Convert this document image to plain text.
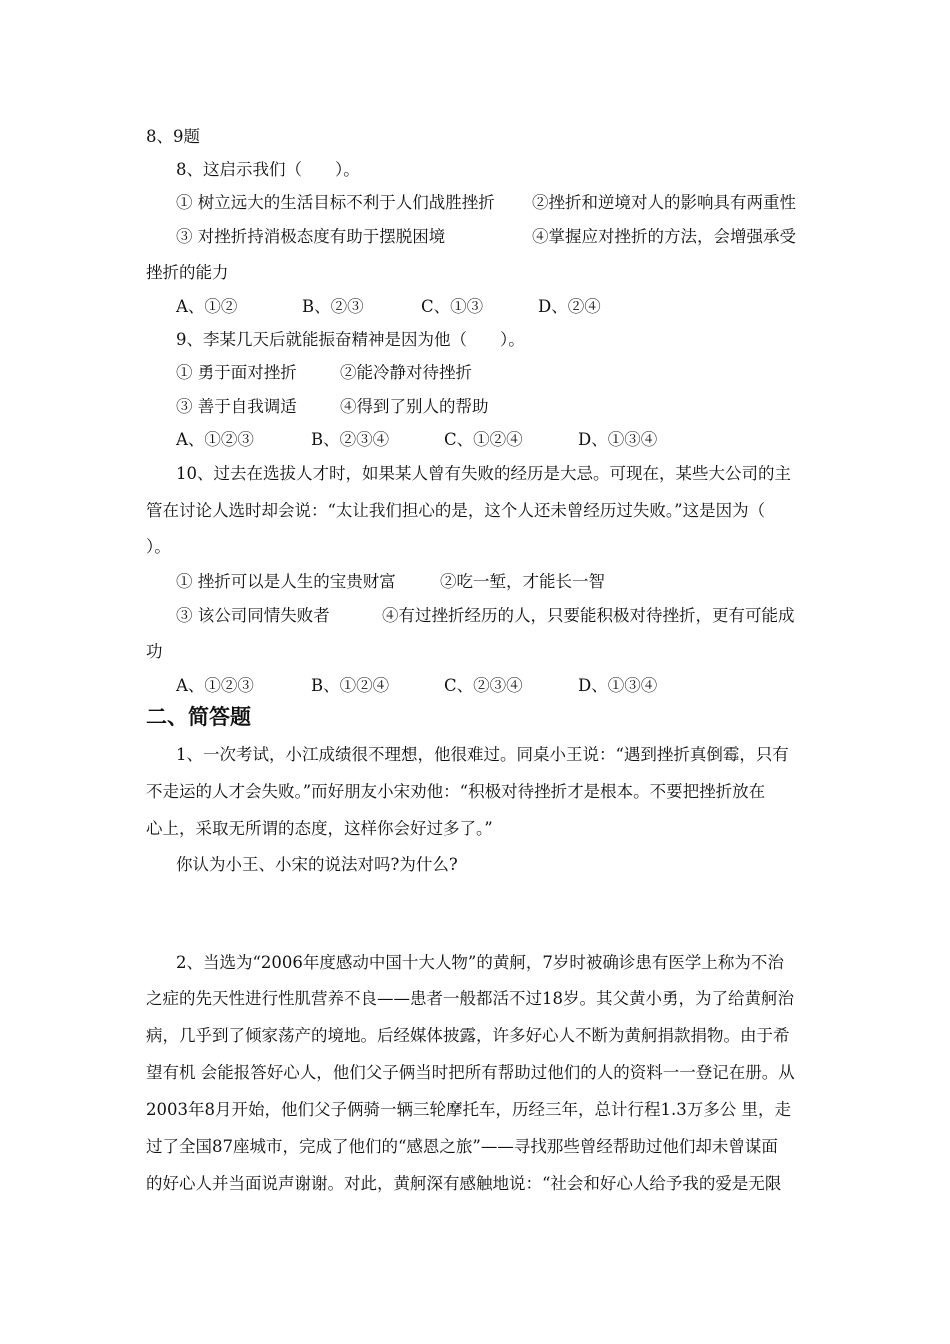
8、9题
8、这启示我们（　　）。
① 树立远大的生活目标不利于人们战胜挫折 ②挫折和逆境对人的影响具有两重性
③ 对挫折持消极态度有助于摆脱困境	④掌握应对挫折的方法，会增强承受
挫折的能力
A、①②	B、②③	C、①③	D、②④
9、李某几天后就能振奋精神是因为他（　　）。
① 勇于面对挫折	②能冷静对待挫折
③ 善于自我调适	④得到了别人的帮助
A、①②③	B、②③④	C、①②④	D、①③④
10、过去在选拔人才时，如果某人曾有失败的经历是大忌。可现在，某些大公司的主
管在讨论人选时却会说：“太让我们担心的是，这个人还未曾经历过失败。”这是因为（
）。
① 挫折可以是人生的宝贵财富	②吃一堑，才能长一智
③ 该公司同情失败者	④有过挫折经历的人，只要能积极对待挫折，更有可能成
功
A、①②③	B、①②④	C、②③④	D、①③④
二、简答题
1、一次考试，小江成绩很不理想，他很难过。同桌小王说：“遇到挫折真倒霉，只有
不走运的人才会失败。”而好朋友小宋劝他：“积极对待挫折才是根本。不要把挫折放在
心上，采取无所谓的态度，这样你会好过多了。”
你认为小王、小宋的说法对吗?为什么?
2、当选为“2006年度感动中国十大人物”的黄舸，7岁时被确诊患有医学上称为不治
之症的先天性进行性肌营养不良——患者一般都活不过18岁。其父黄小勇，为了给黄舸治
病，几乎到了倾家荡产的境地。后经媒体披露，许多好心人不断为黄舸捐款捐物。由于希
望有机 会能报答好心人，他们父子俩当时把所有帮助过他们的人的资料一一登记在册。从
2003年8月开始，他们父子俩骑一辆三轮摩托车，历经三年，总计行程1.3万多公 里，走
过了全国87座城市，完成了他们的“感恩之旅”——寻找那些曾经帮助过他们却未曾谋面
的好心人并当面说声谢谢。对此，黄舸深有感触地说：“社会和好心人给予我的爱是无限
